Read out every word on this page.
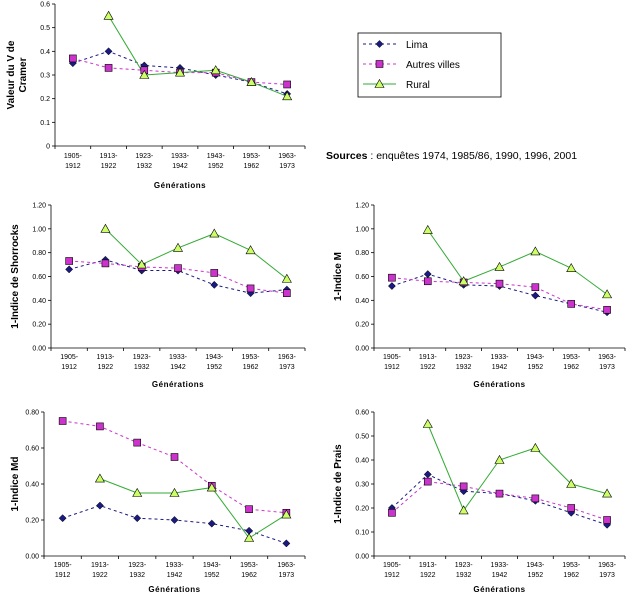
0
0.1
0.2
0.3
0.4
0.5
0.6
1905-
1912
1913-
1922
1923-
1932
1933-
1942
1943-
1952
1953-
1962
1963-
1973
Générations
Valeur du V de Cramer
0.00
0.20
0.40
0.60
0.80
1.00
1.20
1905-
1912
1913-
1922
1923-
1932
1933-
1942
1943-
1952
1953-
1962
1963-
1973
Générations
1-Indice de Shorrocks
0.00
0.20
0.40
0.60
0.80
1.00
1.20
1905-
1912
1913-
1922
1923-
1932
1933-
1942
1943-
1952
1953-
1962
1963-
1973
Générations
1-Indice M
0.00
0.20
0.40
0.60
0.80
1905-
1912
1913-
1922
1923-
1932
1933-
1942
1943-
1952
1953-
1962
1963-
1973
Générations
1-Indice Md
0.00
0.10
0.20
0.30
0.40
0.50
0.60
1905-
1912
1913-
1922
1923-
1932
1933-
1942
1943-
1952
1953-
1962
1963-
1973
Générations
1-Indice de Prais
Lima
Autres villes
Rural
Sources : enquêtes 1974, 1985/86, 1990, 1996, 2001
